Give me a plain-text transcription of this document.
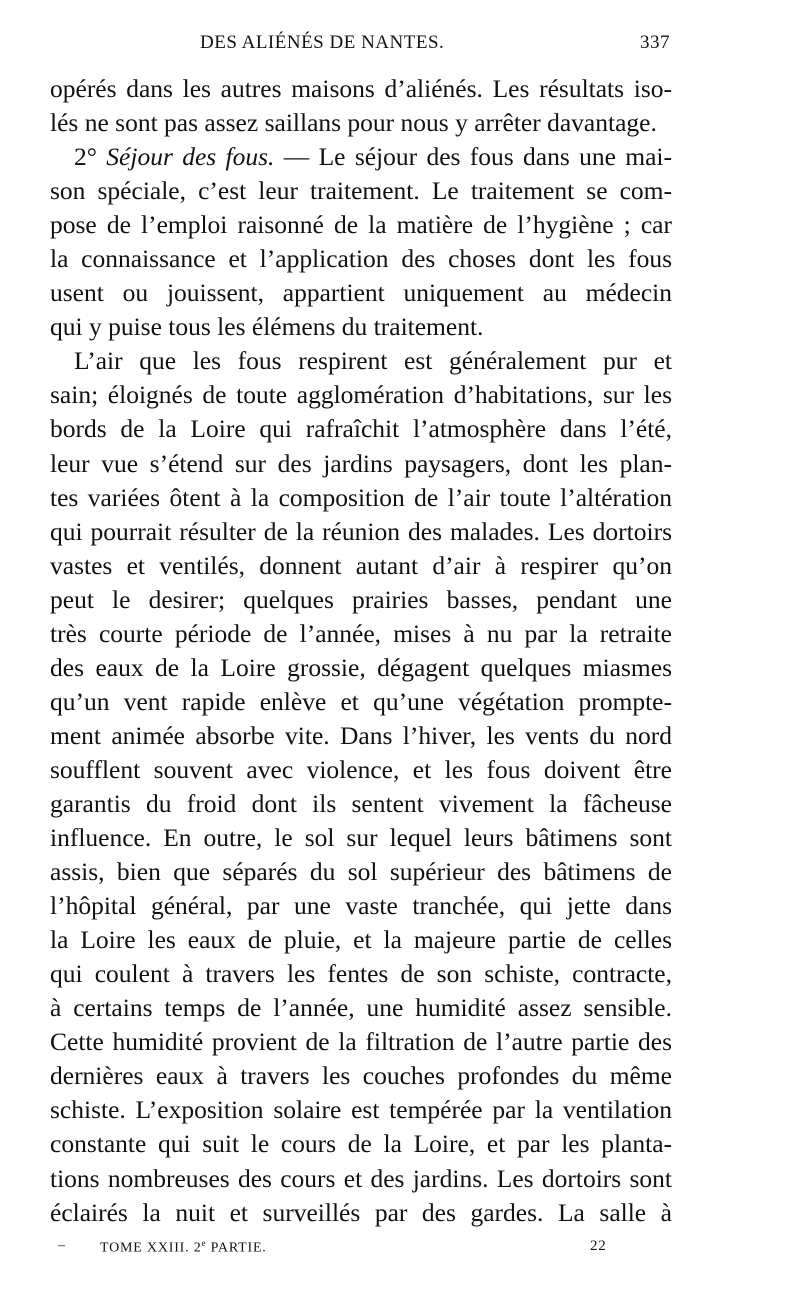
DES ALIÉNÉS DE NANTES.	337
opérés dans les autres maisons d’aliénés. Les résultats iso-
lés ne sont pas assez saillans pour nous y arrêter davantage.
2° Séjour des fous. — Le séjour des fous dans une mai-
son spéciale, c’est leur traitement. Le traitement se com-
pose de l’emploi raisonné de la matière de l’hygiène ; car
la connaissance et l’application des choses dont les fous
usent ou jouissent, appartient uniquement au médecin
qui y puise tous les élémens du traitement.
L’air que les fous respirent est généralement pur et
sain; éloignés de toute agglomération d’habitations, sur les
bords de la Loire qui rafraîchit l’atmosphère dans l’été,
leur vue s’étend sur des jardins paysagers, dont les plan-
tes variées ôtent à la composition de l’air toute l’altération
qui pourrait résulter de la réunion des malades. Les dortoirs
vastes et ventilés, donnent autant d’air à respirer qu’on
peut le desirer; quelques prairies basses, pendant une
très courte période de l’année, mises à nu par la retraite
des eaux de la Loire grossie, dégagent quelques miasmes
qu’un vent rapide enlève et qu’une végétation prompte-
ment animée absorbe vite. Dans l’hiver, les vents du nord
soufflent souvent avec violence, et les fous doivent être
garantis du froid dont ils sentent vivement la fâcheuse
influence. En outre, le sol sur lequel leurs bâtimens sont
assis, bien que séparés du sol supérieur des bâtimens de
l’hôpital général, par une vaste tranchée, qui jette dans
la Loire les eaux de pluie, et la majeure partie de celles
qui coulent à travers les fentes de son schiste, contracte,
à certains temps de l’année, une humidité assez sensible.
Cette humidité provient de la filtration de l’autre partie des
dernières eaux à travers les couches profondes du même
schiste. L’exposition solaire est tempérée par la ventilation
constante qui suit le cours de la Loire, et par les planta-
tions nombreuses des cours et des jardins. Les dortoirs sont
éclairés la nuit et surveillés par des gardes. La salle à
– TOME XXIII. 2e PARTIE.	22
